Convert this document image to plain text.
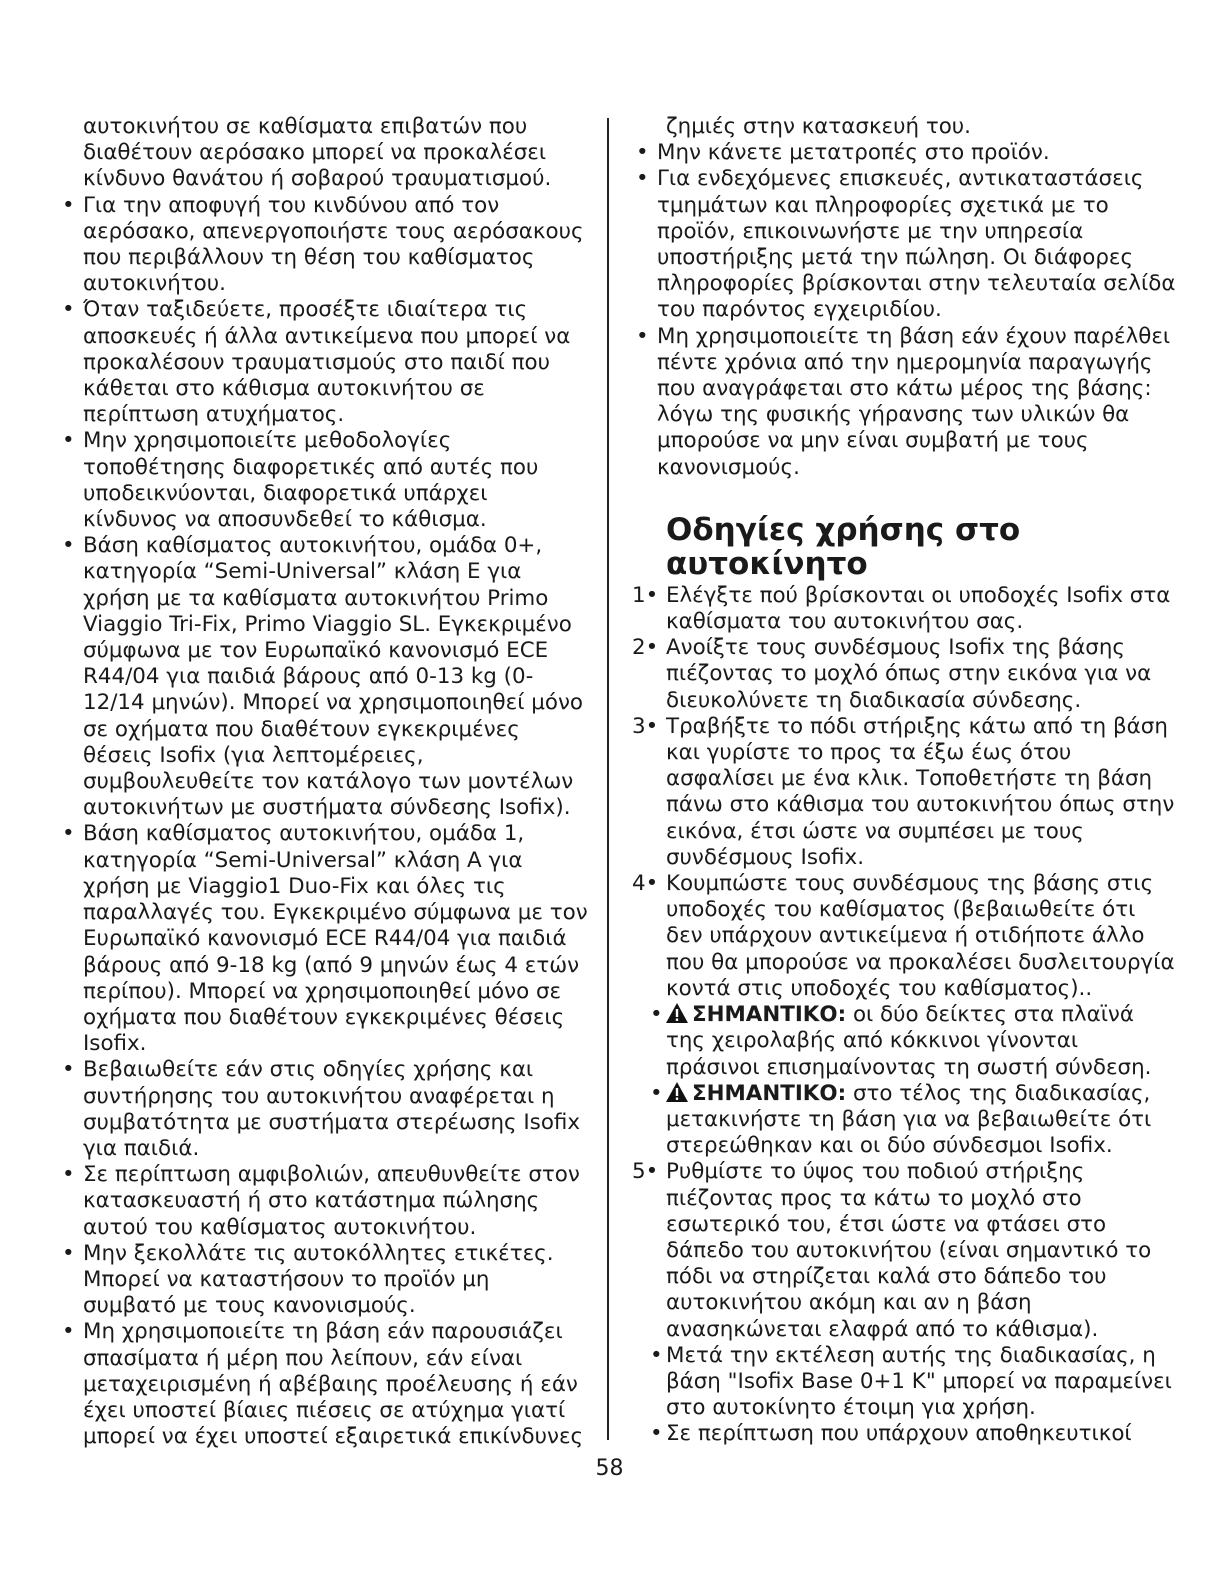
αυτοκινήτου σε καθίσματα επιβατών που διαθέτουν αερόσακο μπορεί να προκαλέσει κίνδυνο θανάτου ή σοβαρού τραυματισμού.

• Για την αποφυγή του κινδύνου από τον αερόσακο, απενεργοποιήστε τους αερόσακους που περιβάλλουν τη θέση του καθίσματος αυτοκινήτου.

• Όταν ταξιδεύετε, προσέξτε ιδιαίτερα τις αποσκευές ή άλλα αντικείμενα που μπορεί να προκαλέσουν τραυματισμούς στο παιδί που κάθεται στο κάθισμα αυτοκινήτου σε περίπτωση ατυχήματος.

• Μην χρησιμοποιείτε μεθοδολογίες τοποθέτησης διαφορετικές από αυτές που υποδεικνύονται, διαφορετικά υπάρχει κίνδυνος να αποσυνδεθεί το κάθισμα.

• Βάση καθίσματος αυτοκινήτου, ομάδα 0+, κατηγορία “Semi-Universal” κλάση E για χρήση με τα καθίσματα αυτοκινήτου Primo Viaggio Tri-Fix, Primo Viaggio SL. Εγκεκριμένο σύμφωνα με τον Ευρωπαϊκό κανονισμό ECE R44/04 για παιδιά βάρους από 0-13 kg (0-12/14 μηνών). Μπορεί να χρησιμοποιηθεί μόνο σε οχήματα που διαθέτουν εγκεκριμένες θέσεις Isofix (για λεπτομέρειες, συμβουλευθείτε τον κατάλογο των μοντέλων αυτοκινήτων με συστήματα σύνδεσης Isofix).

• Βάση καθίσματος αυτοκινήτου, ομάδα 1, κατηγορία “Semi-Universal” κλάση A για χρήση με Viaggio1 Duo-Fix και όλες τις παραλλαγές του. Εγκεκριμένο σύμφωνα με τον Ευρωπαϊκό κανονισμό ECE R44/04 για παιδιά βάρους από 9-18 kg (από 9 μηνών έως 4 ετών περίπου). Μπορεί να χρησιμοποιηθεί μόνο σε οχήματα που διαθέτουν εγκεκριμένες θέσεις Isofix.

• Βεβαιωθείτε εάν στις οδηγίες χρήσης και συντήρησης του αυτοκινήτου αναφέρεται η συμβατότητα με συστήματα στερέωσης Isofix για παιδιά.

• Σε περίπτωση αμφιβολιών, απευθυνθείτε στον κατασκευαστή ή στο κατάστημα πώλησης αυτού του καθίσματος αυτοκινήτου.

• Μην ξεκολλάτε τις αυτοκόλλητες ετικέτες. Μπορεί να καταστήσουν το προϊόν μη συμβατό με τους κανονισμούς.

• Μη χρησιμοποιείτε τη βάση εάν παρουσιάζει σπασίματα ή μέρη που λείπουν, εάν είναι μεταχειρισμένη ή αβέβαιης προέλευσης ή εάν έχει υποστεί βίαιες πιέσεις σε ατύχημα γιατί μπορεί να έχει υποστεί εξαιρετικά επικίνδυνες

ζημιές στην κατασκευή του.

• Μην κάνετε μετατροπές στο προϊόν.

• Για ενδεχόμενες επισκευές, αντικαταστάσεις τμημάτων και πληροφορίες σχετικά με το προϊόν, επικοινωνήστε με την υπηρεσία υποστήριξης μετά την πώληση. Οι διάφορες πληροφορίες βρίσκονται στην τελευταία σελίδα του παρόντος εγχειριδίου.

• Μη χρησιμοποιείτε τη βάση εάν έχουν παρέλθει πέντε χρόνια από την ημερομηνία παραγωγής που αναγράφεται στο κάτω μέρος της βάσης: λόγω της φυσικής γήρανσης των υλικών θα μπορούσε να μην είναι συμβατή με τους κανονισμούς.

Οδηγίες χρήσης στο αυτοκίνητο

1• Ελέγξτε πού βρίσκονται οι υποδοχές Isofix στα καθίσματα του αυτοκινήτου σας.

2• Ανοίξτε τους συνδέσμους Isofix της βάσης πιέζοντας το μοχλό όπως στην εικόνα για να διευκολύνετε τη διαδικασία σύνδεσης.

3• Τραβήξτε το πόδι στήριξης κάτω από τη βάση και γυρίστε το προς τα έξω έως ότου ασφαλίσει με ένα κλικ. Τοποθετήστε τη βάση πάνω στο κάθισμα του αυτοκινήτου όπως στην εικόνα, έτσι ώστε να συμπέσει με τους συνδέσμους Isofix.

4• Κουμπώστε τους συνδέσμους της βάσης στις υποδοχές του καθίσματος (βεβαιωθείτε ότι δεν υπάρχουν αντικείμενα ή οτιδήποτε άλλο που θα μπορούσε να προκαλέσει δυσλειτουργία κοντά στις υποδοχές του καθίσματος)..

• ΣΗΜΑΝΤΙΚΟ: οι δύο δείκτες στα πλαϊνά της χειρολαβής από κόκκινοι γίνονται πράσινοι επισημαίνοντας τη σωστή σύνδεση.

• ΣΗΜΑΝΤΙΚΟ: στο τέλος της διαδικασίας, μετακινήστε τη βάση για να βεβαιωθείτε ότι στερεώθηκαν και οι δύο σύνδεσμοι Isofix.

5• Ρυθμίστε το ύψος του ποδιού στήριξης πιέζοντας προς τα κάτω το μοχλό στο εσωτερικό του, έτσι ώστε να φτάσει στο δάπεδο του αυτοκινήτου (είναι σημαντικό το πόδι να στηρίζεται καλά στο δάπεδο του αυτοκινήτου ακόμη και αν η βάση ανασηκώνεται ελαφρά από το κάθισμα).

• Μετά την εκτέλεση αυτής της διαδικασίας, η βάση "Isofix Base 0+1 K" μπορεί να παραμείνει στο αυτοκίνητο έτοιμη για χρήση.

• Σε περίπτωση που υπάρχουν αποθηκευτικοί

58
